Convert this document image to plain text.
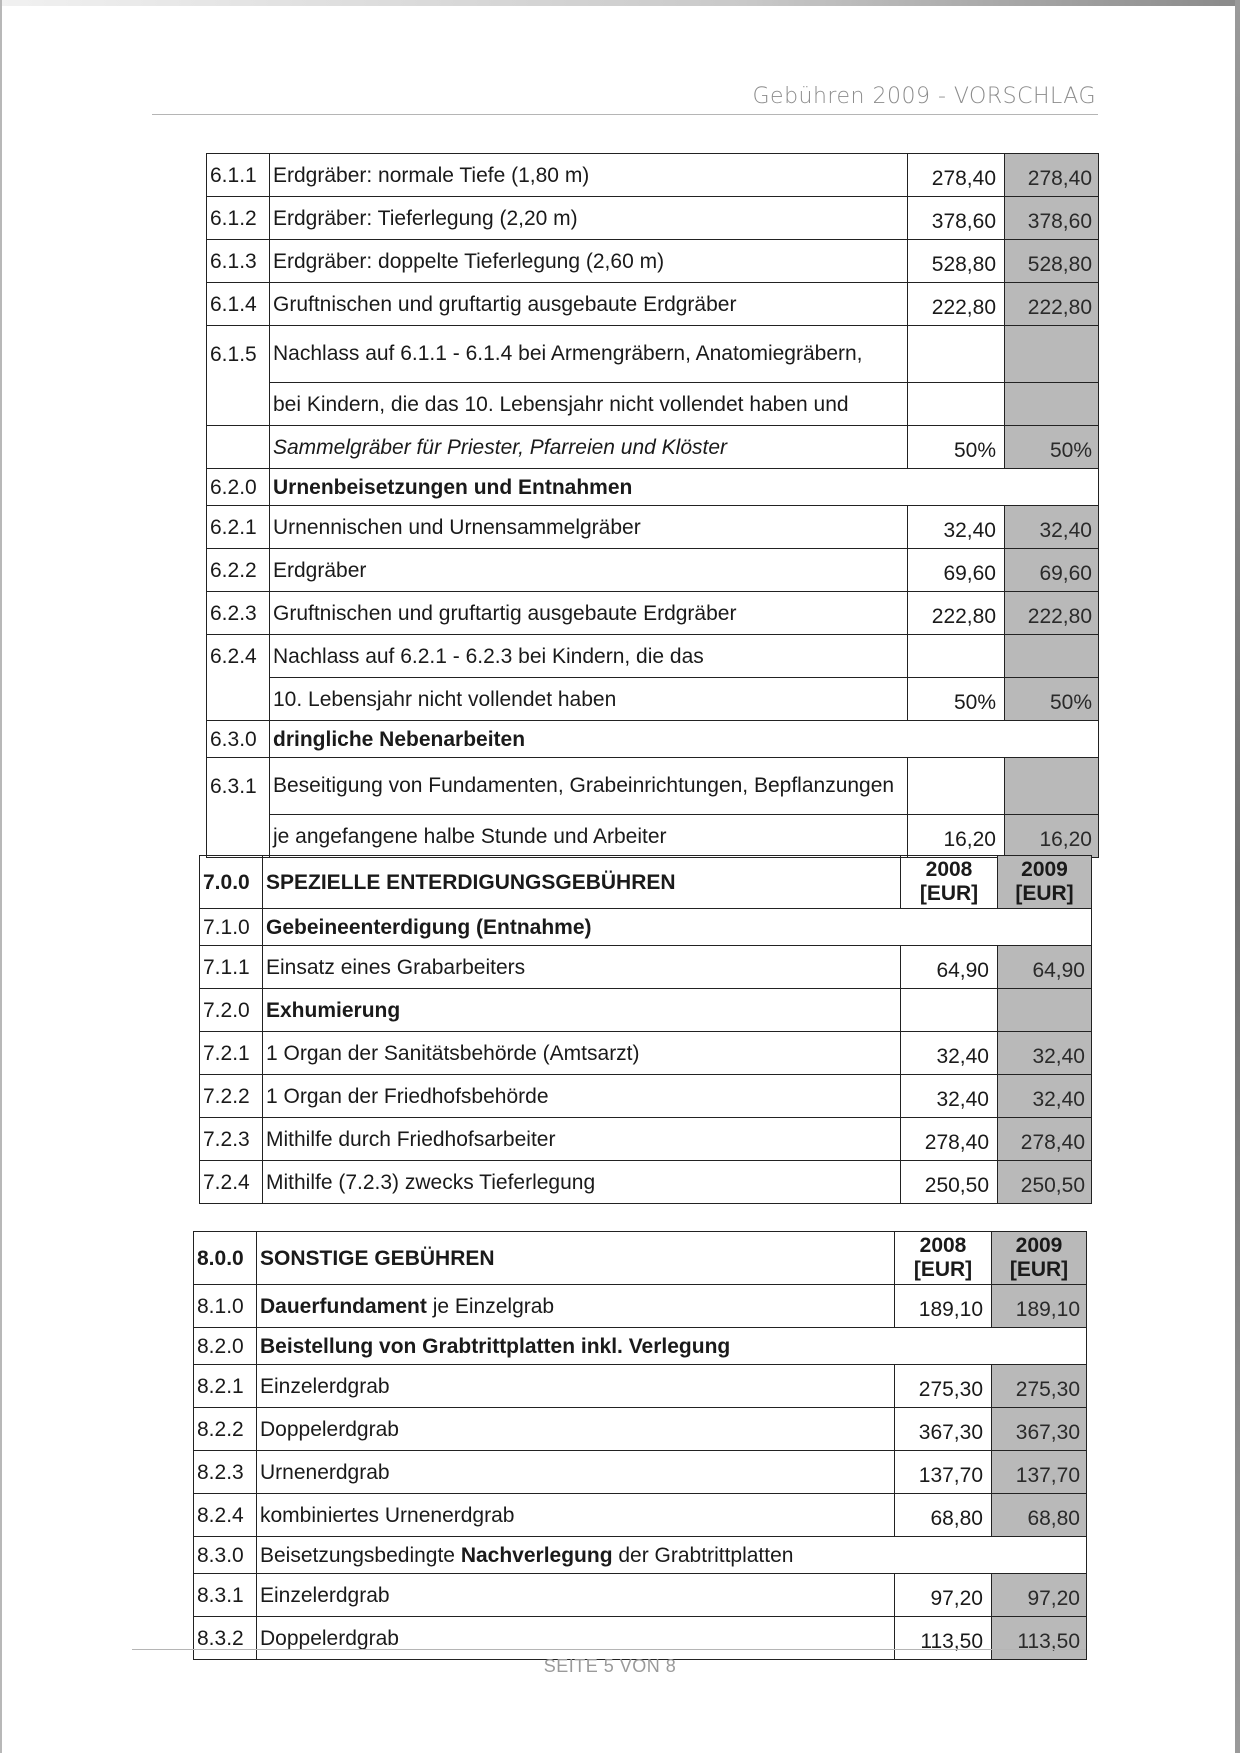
Gebühren 2009 - VORSCHLAG
6.1.1	Erdgräber: normale Tiefe (1,80 m)	278,40	278,40
6.1.2	Erdgräber: Tieferlegung (2,20 m)	378,60	378,60
6.1.3	Erdgräber: doppelte Tieferlegung (2,60 m)	528,80	528,80
6.1.4	Gruftnischen und gruftartig ausgebaute Erdgräber	222,80	222,80
6.1.5	Nachlass auf 6.1.1 - 6.1.4 bei Armengräbern, Anatomiegräbern,		
	bei Kindern, die das 10. Lebensjahr nicht vollendet haben und		
	Sammelgräber für Priester, Pfarreien und Klöster	50%	50%
6.2.0	Urnenbeisetzungen und Entnahmen		
6.2.1	Urnennischen und Urnensammelgräber	32,40	32,40
6.2.2	Erdgräber	69,60	69,60
6.2.3	Gruftnischen und gruftartig ausgebaute Erdgräber	222,80	222,80
6.2.4	Nachlass auf 6.2.1 - 6.2.3 bei Kindern, die das		
	10. Lebensjahr nicht vollendet haben	50%	50%
6.3.0	dringliche Nebenarbeiten		
6.3.1	Beseitigung von Fundamenten, Grabeinrichtungen, Bepflanzungen		
	je angefangene halbe Stunde und Arbeiter	16,20	16,20
7.0.0	SPEZIELLE ENTERDIGUNGSGEBÜHREN	2008 [EUR]	2009 [EUR]
7.1.0	Gebeineenterdigung (Entnahme)		
7.1.1	Einsatz eines Grabarbeiters	64,90	64,90
7.2.0	Exhumierung		
7.2.1	1 Organ der Sanitätsbehörde (Amtsarzt)	32,40	32,40
7.2.2	1 Organ der Friedhofsbehörde	32,40	32,40
7.2.3	Mithilfe durch Friedhofsarbeiter	278,40	278,40
7.2.4	Mithilfe (7.2.3) zwecks Tieferlegung	250,50	250,50
8.0.0	SONSTIGE GEBÜHREN	2008 [EUR]	2009 [EUR]
8.1.0	Dauerfundament je Einzelgrab	189,10	189,10
8.2.0	Beistellung von Grabtrittplatten inkl. Verlegung		
8.2.1	Einzelerdgrab	275,30	275,30
8.2.2	Doppelerdgrab	367,30	367,30
8.2.3	Urnenerdgrab	137,70	137,70
8.2.4	kombiniertes Urnenerdgrab	68,80	68,80
8.3.0	Beisetzungsbedingte Nachverlegung der Grabtrittplatten		
8.3.1	Einzelerdgrab	97,20	97,20
8.3.2	Doppelerdgrab	113,50	113,50
SEITE 5 VON 8
